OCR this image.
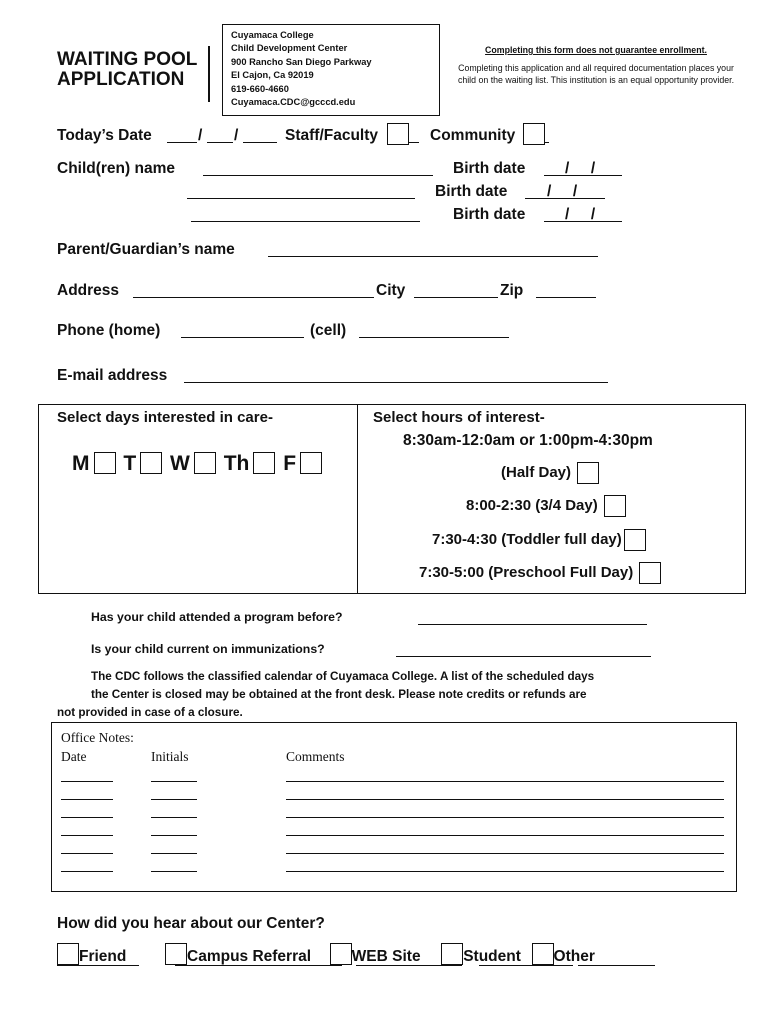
WAITING POOL
APPLICATION
Cuyamaca College
Child Development Center
900 Rancho San Diego Parkway
El Cajon, Ca 92019
619-660-4660
Cuyamaca.CDC@gcccd.edu
Completing this form does not guarantee enrollment.
Completing this application and all required documentation places your child on the waiting list. This institution is an equal opportunity provider.
Today’s Date	/ /	Staff/Faculty	Community
Child(ren) name	Birth date	/     /
Birth date	/     /
Birth date	/     /
Parent/Guardian’s name
Address	City	Zip
Phone (home)	(cell)
E-mail address
Select days interested in care-
M T W Th F
Select hours of interest-
8:30am-12:0am or 1:00pm-4:30pm
(Half Day)
8:00-2:30 (3/4 Day)
7:30-4:30 (Toddler full day)
7:30-5:00 (Preschool Full Day)
Has your child attended a program before?
Is your child current on immunizations?
The CDC follows the classified calendar of Cuyamaca College. A list of the scheduled days
the Center is closed may be obtained at the front desk. Please note credits or refunds are
not provided in case of a closure.
Office Notes:
Date	Initials	Comments
How did you hear about our Center?
Friend	Campus Referral	WEB Site	Student Other
